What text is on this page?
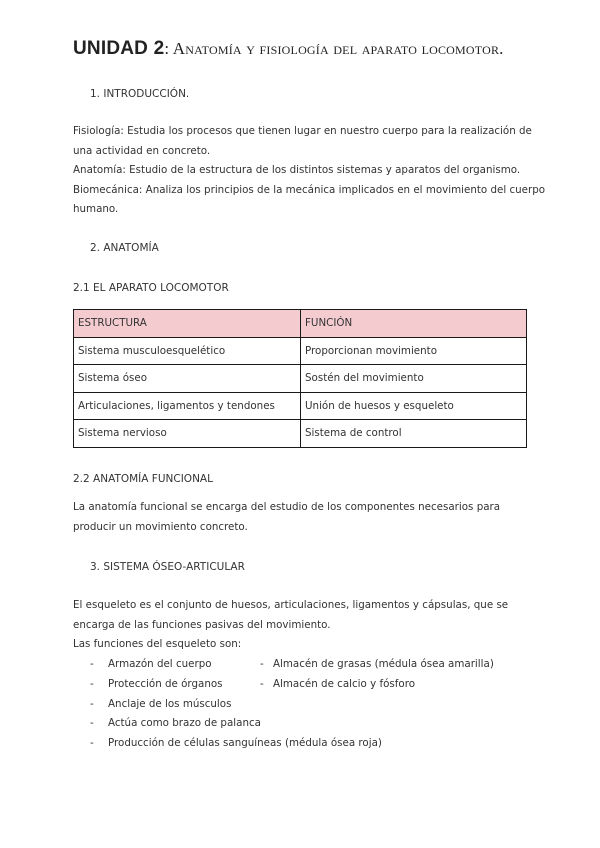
UNIDAD 2: Anatomía y fisiología del aparato locomotor.
1. INTRODUCCIÓN.
Fisiología: Estudia los procesos que tienen lugar en nuestro cuerpo para la realización de
una actividad en concreto.
Anatomía: Estudio de la estructura de los distintos sistemas y aparatos del organismo.
Biomecánica: Analiza los principios de la mecánica implicados en el movimiento del cuerpo
humano.
2. ANATOMÍA
2.1 EL APARATO LOCOMOTOR
ESTRUCTURA	FUNCIÓN
Sistema musculoesquelético	Proporcionan movimiento
Sistema óseo	Sostén del movimiento
Articulaciones, ligamentos y tendones	Unión de huesos y esqueleto
Sistema nervioso	Sistema de control
2.2 ANATOMÍA FUNCIONAL
La anatomía funcional se encarga del estudio de los componentes necesarios para
producir un movimiento concreto.
3. SISTEMA ÓSEO-ARTICULAR
El esqueleto es el conjunto de huesos, articulaciones, ligamentos y cápsulas, que se
encarga de las funciones pasivas del movimiento.
Las funciones del esqueleto son:
- Armazón del cuerpo
- Protección de órganos
- Anclaje de los músculos
- Actúa como brazo de palanca
- Producción de células sanguíneas (médula ósea roja)
- Almacén de grasas (médula ósea amarilla)
- Almacén de calcio y fósforo
